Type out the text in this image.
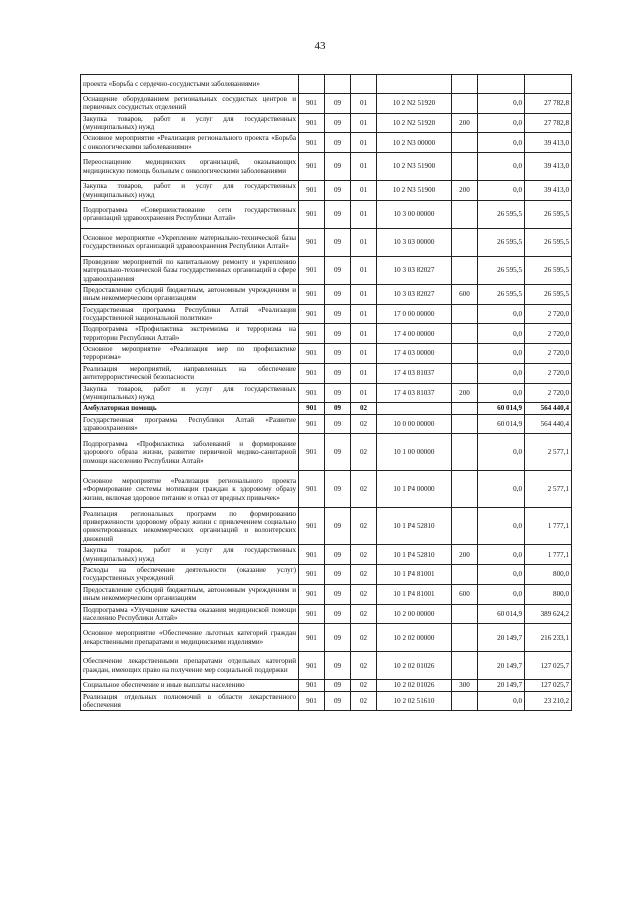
43
проекта «Борьба с сердечно-сосудистыми заболеваниями»							
Оснащение оборудованием региональных сосудистых центров и первичных сосудистых отделений	901	09	01	10 2 N2 51920		0,0	27 782,8
Закупка товаров, работ и услуг для государственных (муниципальных) нужд	901	09	01	10 2 N2 51920	200	0,0	27 782,8
Основное мероприятие «Реализация регионального проекта «Борьба с онкологическими заболеваниями»	901	09	01	10 2 N3 00000		0,0	39 413,0
Переоснащение медицинских организаций, оказывающих медицинскую помощь больным с онкологическими заболеваниями	901	09	01	10 2 N3 51900		0,0	39 413,0
Закупка товаров, работ и услуг для государственных (муниципальных) нужд	901	09	01	10 2 N3 51900	200	0,0	39 413,0
Подпрограмма «Совершенствование сети государственных организаций здравоохранения Республики Алтай»	901	09	01	10 3 00 00000		26 595,5	26 595,5
Основное мероприятие «Укрепление материально-технической базы государственных организаций здравоохранения Республики Алтай»	901	09	01	10 3 03 00000		26 595,5	26 595,5
Проведение мероприятий по капитальному ремонту и укреплению материально-технической базы государственных организаций в сфере здравоохранения	901	09	01	10 3 03 82027		26 595,5	26 595,5
Предоставление субсидий бюджетным, автономным учреждениям и иным некоммерческим организациям	901	09	01	10 3 03 82027	600	26 595,5	26 595,5
Государственная программа Республики Алтай «Реализация государственной национальной политики»	901	09	01	17 0 00 00000		0,0	2 720,0
Подпрограмма «Профилактика экстремизма и терроризма на территории Республики Алтай»	901	09	01	17 4 00 00000		0,0	2 720,0
Основное мероприятие «Реализация мер по профилактике терроризма»	901	09	01	17 4 03 00000		0,0	2 720,0
Реализация мероприятий, направленных на обеспечение антитеррористической безопасности	901	09	01	17 4 03 81037		0,0	2 720,0
Закупка товаров, работ и услуг для государственных (муниципальных) нужд	901	09	01	17 4 03 81037	200	0,0	2 720,0
Амбулаторная помощь	901	09	02			60 014,9	564 440,4
Государственная программа Республики Алтай «Развитие здравоохранения»	901	09	02	10 0 00 00000		60 014,9	564 440,4
Подпрограмма «Профилактика заболеваний и формирование здорового образа жизни, развитие первичной медико-санитарной помощи населению Республики Алтай»	901	09	02	10 1 00 00000		0,0	2 577,1
Основное мероприятие «Реализация регионального проекта «Формирование системы мотивации граждан к здоровому образу жизни, включая здоровое питание и отказ от вредных привычек»	901	09	02	10 1 P4 00000		0,0	2 577,1
Реализация региональных программ по формированию приверженности здоровому образу жизни с привлечением социально ориентированных некоммерческих организаций и волонтерских движений	901	09	02	10 1 P4 52810		0,0	1 777,1
Закупка товаров, работ и услуг для государственных (муниципальных) нужд	901	09	02	10 1 P4 52810	200	0,0	1 777,1
Расходы на обеспечение деятельности (оказание услуг) государственных учреждений	901	09	02	10 1 P4 81001		0,0	800,0
Предоставление субсидий бюджетным, автономным учреждениям и иным некоммерческим организациям	901	09	02	10 1 P4 81001	600	0,0	800,0
Подпрограмма «Улучшение качества оказания медицинской помощи населению Республики Алтай»	901	09	02	10 2 00 00000		60 014,9	389 624,2
Основное мероприятие «Обеспечение льготных категорий граждан лекарственными препаратами и медицинскими изделиями»	901	09	02	10 2 02 00000		20 149,7	216 233,1
Обеспечение лекарственными препаратами отдельных категорий граждан, имеющих право на получение мер социальной поддержки	901	09	02	10 2 02 01026		20 149,7	127 025,7
Социальное обеспечение и иные выплаты населению	901	09	02	10 2 02 01026	300	20 149,7	127 025,7
Реализация отдельных полномочий в области лекарственного обеспечения	901	09	02	10 2 02 51610		0,0	23 210,2
